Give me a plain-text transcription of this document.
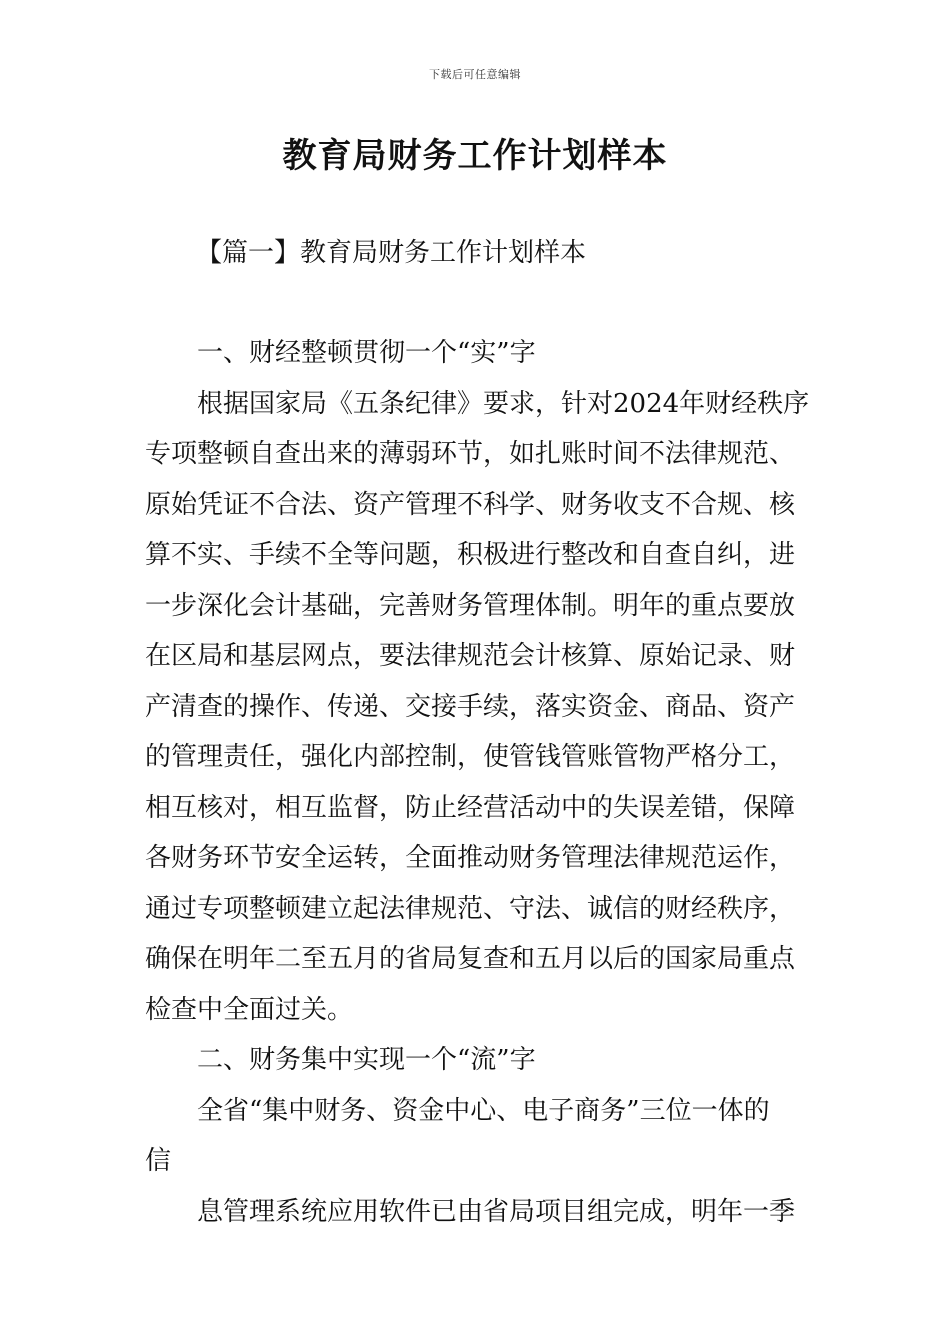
下载后可任意编辑
教育局财务工作计划样本
【篇一】教育局财务工作计划样本
一、财经整顿贯彻一个“实”字
根据国家局《五条纪律》要求，针对2024年财经秩序
专项整顿自查出来的薄弱环节，如扎账时间不法律规范、
原始凭证不合法、资产管理不科学、财务收支不合规、核
算不实、手续不全等问题，积极进行整改和自查自纠，进
一步深化会计基础，完善财务管理体制。明年的重点要放
在区局和基层网点，要法律规范会计核算、原始记录、财
产清查的操作、传递、交接手续，落实资金、商品、资产
的管理责任，强化内部控制，使管钱管账管物严格分工，
相互核对，相互监督，防止经营活动中的失误差错，保障
各财务环节安全运转，全面推动财务管理法律规范运作，
通过专项整顿建立起法律规范、守法、诚信的财经秩序，
确保在明年二至五月的省局复查和五月以后的国家局重点
检查中全面过关。
二、财务集中实现一个“流”字
全省“集中财务、资金中心、电子商务”三位一体的
信
息管理系统应用软件已由省局项目组完成，明年一季
